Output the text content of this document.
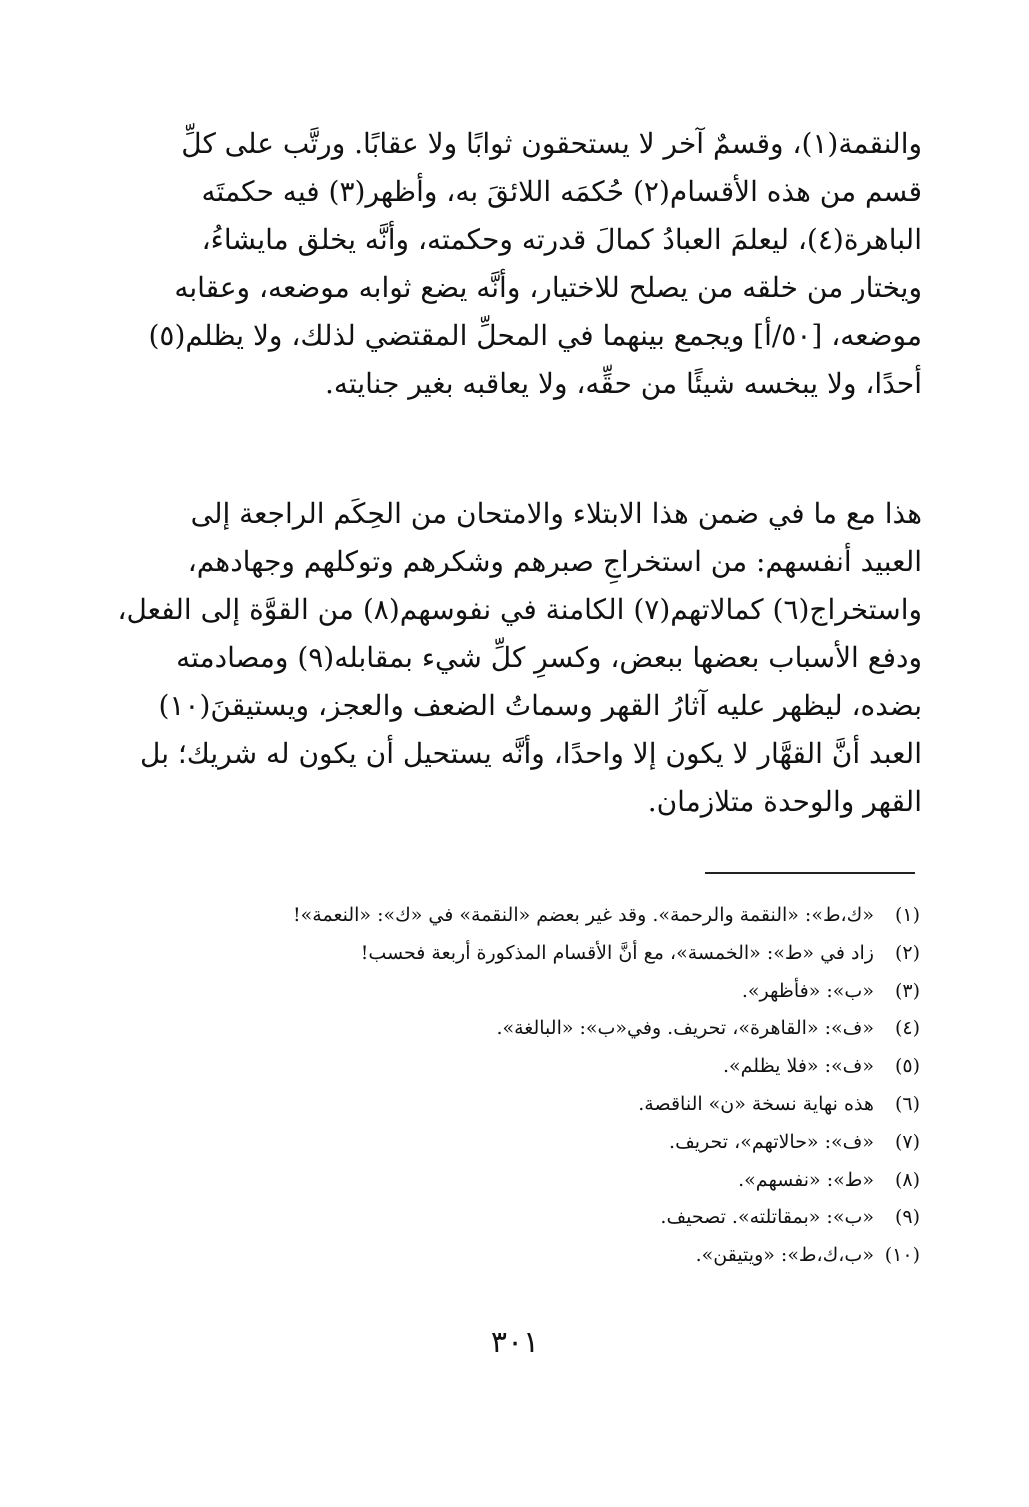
والنقمة(١)، وقسمٌ آخر لا يستحقون ثوابًا ولا عقابًا. ورتَّب على كلِّ
قسم من هذه الأقسام(٢) حُكمَه اللائقَ به، وأظهر(٣) فيه حكمتَه
الباهرة(٤)، ليعلمَ العبادُ كمالَ قدرته وحكمته، وأنَّه يخلق مايشاءُ،
ويختار من خلقه من يصلح للاختيار، وأنَّه يضع ثوابه موضعه، وعقابه
موضعه، [٥٠/أ] ويجمع بينهما في المحلِّ المقتضي لذلك، ولا يظلم(٥)
أحدًا، ولا يبخسه شيئًا من حقِّه، ولا يعاقبه بغير جنايته.
هذا مع ما في ضمن هذا الابتلاء والامتحان من الحِكَم الراجعة إلى
العبيد أنفسهم: من استخراجِ صبرهم وشكرهم وتوكلهم وجهادهم،
واستخراج(٦) كمالاتهم(٧) الكامنة في نفوسهم(٨) من القوَّة إلى الفعل،
ودفع الأسباب بعضها ببعض، وكسرِ كلِّ شيء بمقابله(٩) ومصادمته
بضده، ليظهر عليه آثارُ القهر وسماتُ الضعف والعجز، ويستيقنَ(١٠)
العبد أنَّ القهَّار لا يكون إلا واحدًا، وأنَّه يستحيل أن يكون له شريك؛ بل
القهر والوحدة متلازمان.
(١) «ك،ط»: «النقمة والرحمة». وقد غير بعضم «النقمة» في «ك»: «النعمة»!
(٢) زاد في «ط»: «الخمسة»، مع أنَّ الأقسام المذكورة أربعة فحسب!
(٣) «ب»: «فأظهر».
(٤) «ف»: «القاهرة»، تحريف. وفي«ب»: «البالغة».
(٥) «ف»: «فلا يظلم».
(٦) هذه نهاية نسخة «ن» الناقصة.
(٧) «ف»: «حالاتهم»، تحريف.
(٨) «ط»: «نفسهم».
(٩) «ب»: «بمقاتلته». تصحيف.
(١٠) «ب،ك،ط»: «ويتيقن».
٣٠١
